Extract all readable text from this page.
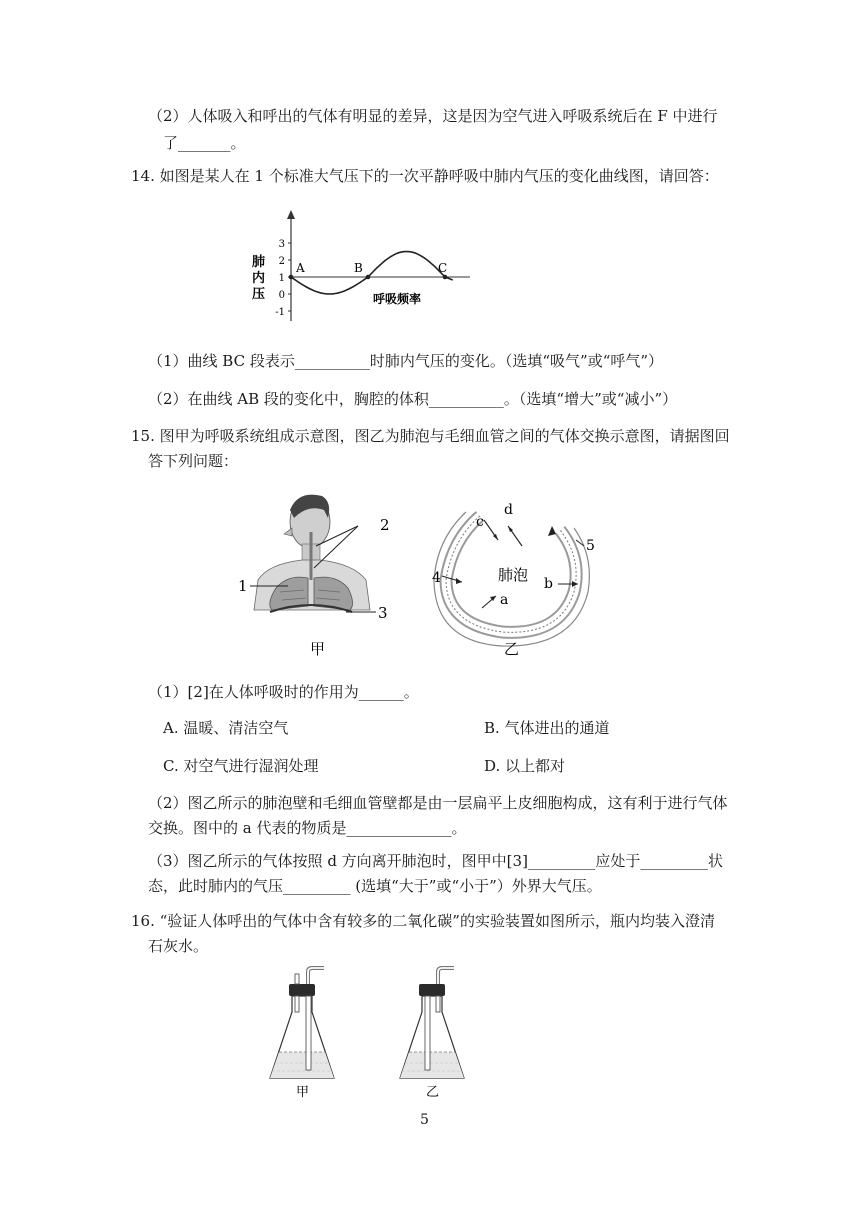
（2）人体吸入和呼出的气体有明显的差异，这是因为空气进入呼吸系统后在 F 中进行
了_______。
14. 如图是某人在 1 个标准大气压下的一次平静呼吸中肺内气压的变化曲线图，请回答：
3
2
1
0
-1
肺 内 压
A	B	C
呼吸频率
（1）曲线 BC 段表示__________时肺内气压的变化。（选填“吸气”或“呼气”）
（2）在曲线 AB 段的变化中，胸腔的体积__________。（选填“增大”或“减小”）
15. 图甲为呼吸系统组成示意图，图乙为肺泡与毛细血管之间的气体交换示意图，请据图回
答下列问题：
2
1
3
甲
d
c
5
4	肺泡 b
a
乙
（1）[2]在人体呼吸时的作用为______。
A. 温暖、清洁空气	B. 气体进出的通道
C. 对空气进行湿润处理	D. 以上都对
（2）图乙所示的肺泡壁和毛细血管壁都是由一层扁平上皮细胞构成，这有利于进行气体
交换。图中的 a 代表的物质是______________。
（3）图乙所示的气体按照 d 方向离开肺泡时，图甲中[3]_________应处于_________状
态，此时肺内的气压_________ (选填“大于”或“小于”）外界大气压。
16. “验证人体呼出的气体中含有较多的二氧化碳”的实验装置如图所示，瓶内均装入澄清
石灰水。
甲	乙
5
